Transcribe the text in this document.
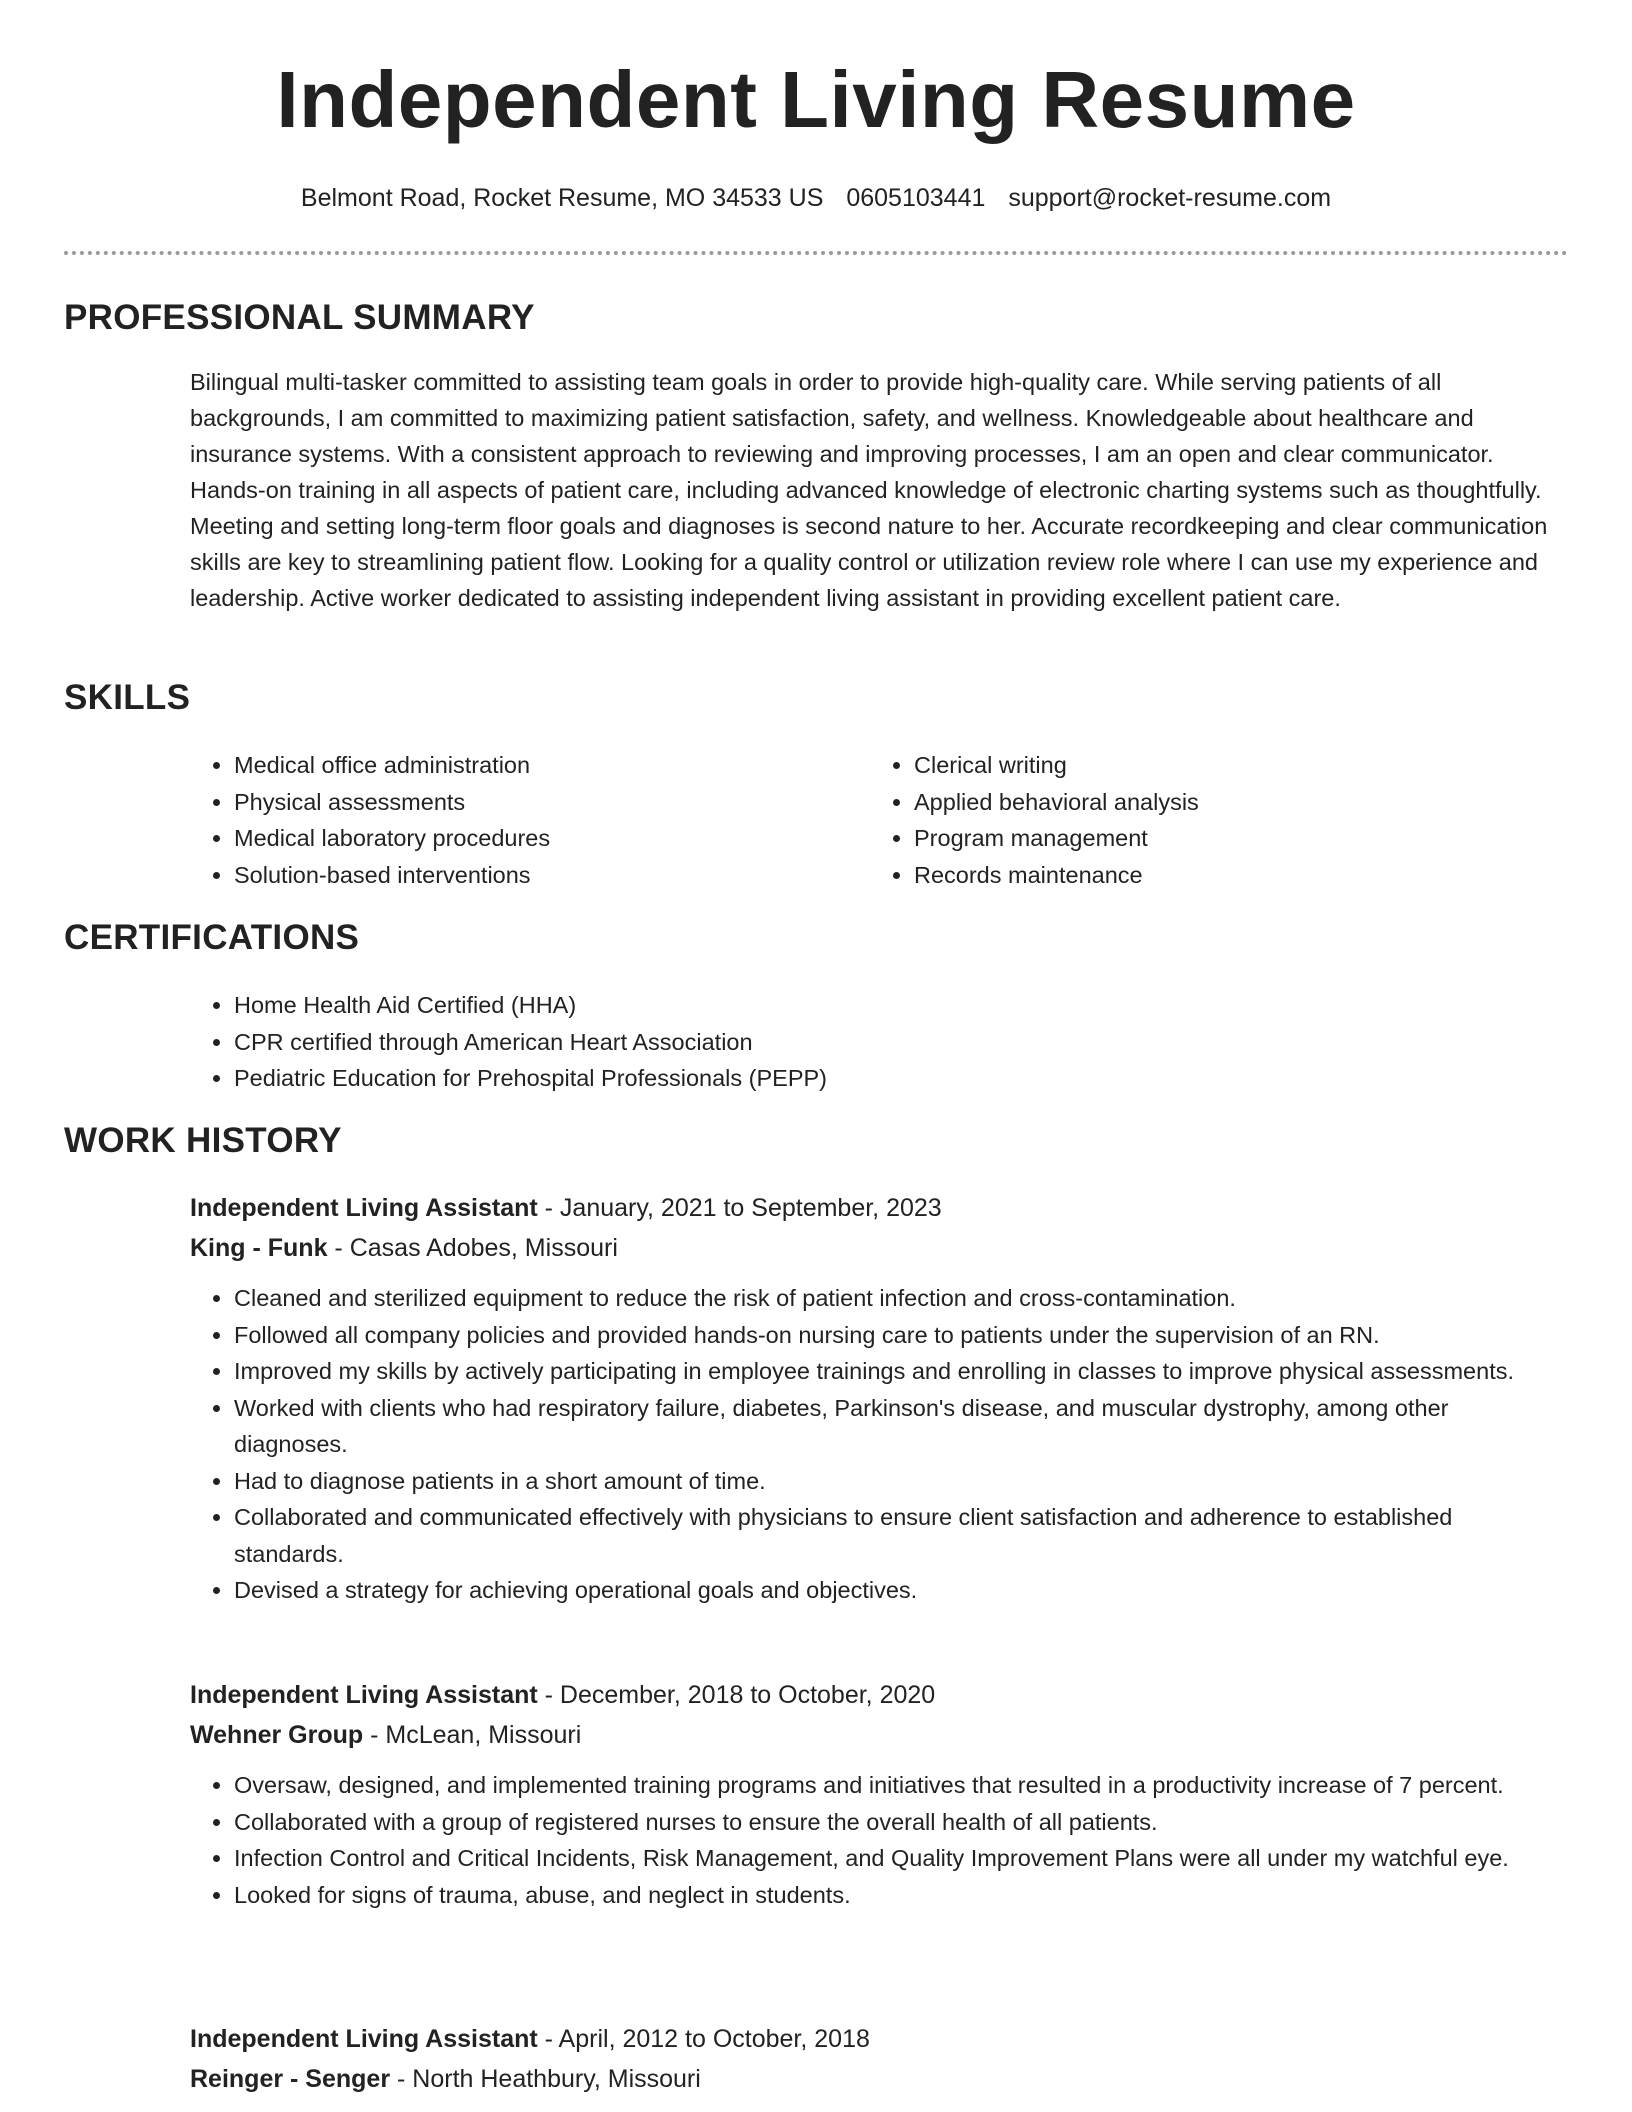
Independent Living Resume
Belmont Road, Rocket Resume, MO 34533 US 0605103441 support@rocket-resume.com
PROFESSIONAL SUMMARY

Bilingual multi-tasker committed to assisting team goals in order to provide high-quality care. While serving patients of all backgrounds, I am committed to maximizing patient satisfaction, safety, and wellness. Knowledgeable about healthcare and insurance systems. With a consistent approach to reviewing and improving processes, I am an open and clear communicator. Hands-on training in all aspects of patient care, including advanced knowledge of electronic charting systems such as thoughtfully. Meeting and setting long-term floor goals and diagnoses is second nature to her. Accurate recordkeeping and clear communication skills are key to streamlining patient flow. Looking for a quality control or utilization review role where I can use my experience and leadership. Active worker dedicated to assisting independent living assistant in providing excellent patient care.

SKILLS
• Medical office administration
• Physical assessments
• Medical laboratory procedures
• Solution-based interventions
• Clerical writing
• Applied behavioral analysis
• Program management
• Records maintenance
CERTIFICATIONS
• Home Health Aid Certified (HHA)
• CPR certified through American Heart Association
• Pediatric Education for Prehospital Professionals (PEPP)
WORK HISTORY
Independent Living Assistant - January, 2021 to September, 2023
King - Funk - Casas Adobes, Missouri
• Cleaned and sterilized equipment to reduce the risk of patient infection and cross-contamination.
• Followed all company policies and provided hands-on nursing care to patients under the supervision of an RN.
• Improved my skills by actively participating in employee trainings and enrolling in classes to improve physical assessments.
• Worked with clients who had respiratory failure, diabetes, Parkinson's disease, and muscular dystrophy, among other diagnoses.
• Had to diagnose patients in a short amount of time.
• Collaborated and communicated effectively with physicians to ensure client satisfaction and adherence to established standards.
• Devised a strategy for achieving operational goals and objectives.
Independent Living Assistant - December, 2018 to October, 2020
Wehner Group - McLean, Missouri
• Oversaw, designed, and implemented training programs and initiatives that resulted in a productivity increase of 7 percent.
• Collaborated with a group of registered nurses to ensure the overall health of all patients.
• Infection Control and Critical Incidents, Risk Management, and Quality Improvement Plans were all under my watchful eye.
• Looked for signs of trauma, abuse, and neglect in students.
Independent Living Assistant - April, 2012 to October, 2018
Reinger - Senger - North Heathbury, Missouri
